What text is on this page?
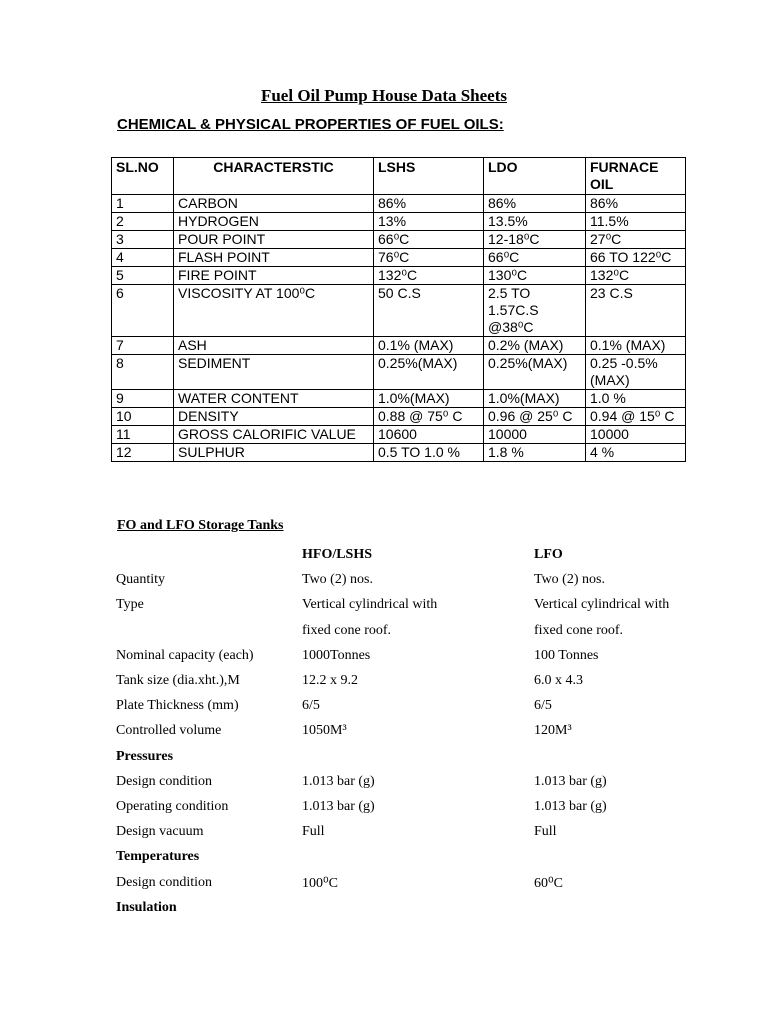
Fuel Oil Pump House Data Sheets
CHEMICAL & PHYSICAL PROPERTIES OF FUEL OILS:
SL.NO	CHARACTERSTIC	LSHS	LDO	FURNACE OIL
1	CARBON	86%	86%	86%
2	HYDROGEN	13%	13.5%	11.5%
3	POUR POINT	66⁰C	12-18⁰C	27⁰C
4	FLASH POINT	76⁰C	66⁰C	66 TO 122⁰C
5	FIRE POINT	132⁰C	130⁰C	132⁰C
6	VISCOSITY AT 100⁰C	50 C.S	2.5 TO 1.57C.S @38⁰C	23 C.S
7	ASH	0.1% (MAX)	0.2% (MAX)	0.1% (MAX)
8	SEDIMENT	0.25%(MAX)	0.25%(MAX)	0.25 -0.5% (MAX)
9	WATER CONTENT	1.0%(MAX)	1.0%(MAX)	1.0 %
10	DENSITY	0.88 @ 75⁰ C	0.96 @ 25⁰ C	0.94 @ 15⁰ C
11	GROSS CALORIFIC VALUE	10600	10000	10000
12	SULPHUR	0.5 TO 1.0 %	1.8 %	4 %
FO and LFO Storage Tanks
HFO/LSHS	LFO
Quantity	Two (2) nos.	Two (2) nos.
Type	Vertical cylindrical with	Vertical cylindrical with
fixed cone roof.	fixed cone roof.
Nominal capacity (each)	1000Tonnes	100 Tonnes
Tank size (dia.xht.),M	12.2 x 9.2	6.0 x 4.3
Plate Thickness (mm)	6/5	6/5
Controlled volume	1050M³	120M³
Pressures
Design condition	1.013 bar (g)	1.013 bar (g)
Operating condition	1.013 bar (g)	1.013 bar (g)
Design vacuum	Full	Full
Temperatures
Design condition	100⁰C	60⁰C
Insulation
